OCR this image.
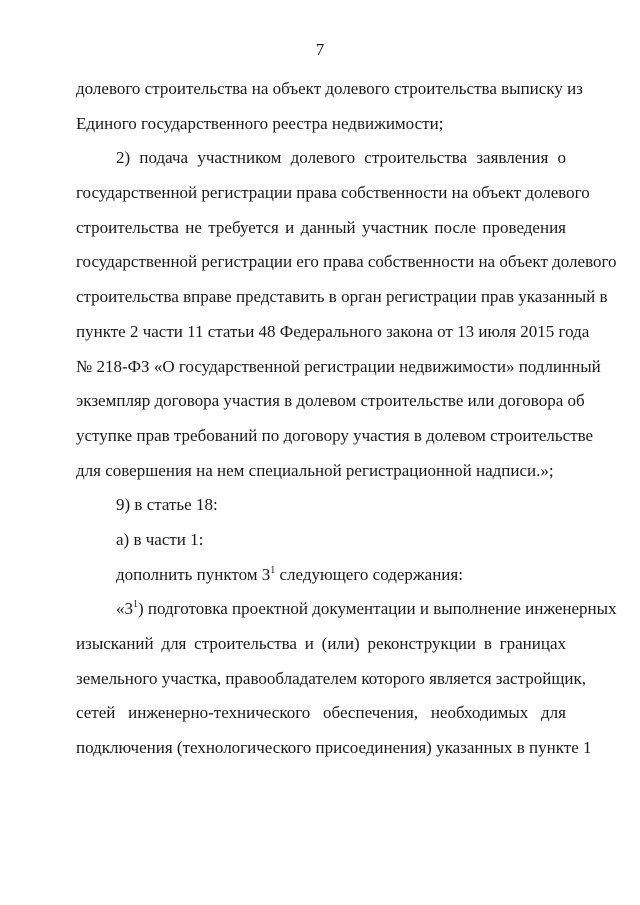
7
долевого строительства на объект долевого строительства выписку из
Единого государственного реестра недвижимости;
2) подача участником долевого строительства заявления о
государственной регистрации права собственности на объект долевого
строительства не требуется и данный участник после проведения
государственной регистрации его права собственности на объект долевого
строительства вправе представить в орган регистрации прав указанный в
пункте 2 части 11 статьи 48 Федерального закона от 13 июля 2015 года
№ 218-ФЗ «О государственной регистрации недвижимости» подлинный
экземпляр договора участия в долевом строительстве или договора об
уступке прав требований по договору участия в долевом строительстве
для совершения на нем специальной регистрационной надписи.»;
9) в статье 18:
а) в части 1:
дополнить пунктом $3^1$ следующего содержания:
«$3^1$) подготовка проектной документации и выполнение инженерных
изысканий для строительства и (или) реконструкции в границах
земельного участка, правообладателем которого является застройщик,
сетей инженерно-технического обеспечения, необходимых для
подключения (технологического присоединения) указанных в пункте 1
